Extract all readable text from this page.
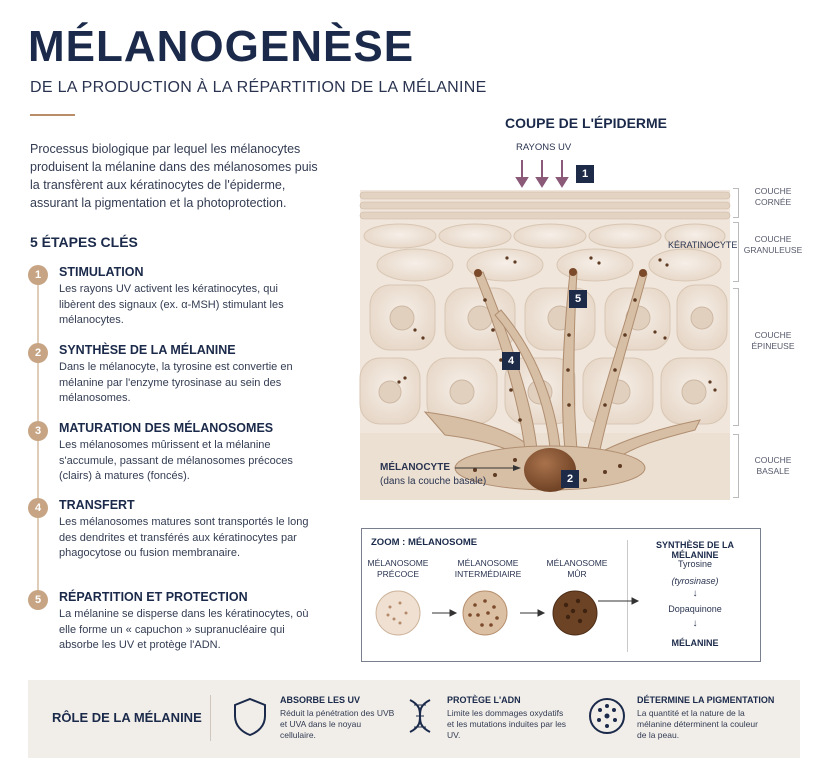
MÉLANOGENÈSE
DE LA PRODUCTION À LA RÉPARTITION DE LA MÉLANINE
Processus biologique par lequel les mélanocytes produisent la mélanine dans des mélanosomes puis la transfèrent aux kératinocytes de l'épiderme, assurant la pigmentation et la photoprotection.
5 ÉTAPES CLÉS
1	STIMULATION
Les rayons UV activent les kératinocytes, qui libèrent des signaux (ex. α-MSH) stimulant les mélanocytes.
2	SYNTHÈSE DE LA MÉLANINE
Dans le mélanocyte, la tyrosine est convertie en mélanine par l'enzyme tyrosinase au sein des mélanosomes.
3	MATURATION DES MÉLANOSOMES
Les mélanosomes mûrissent et la mélanine s'accumule, passant de mélanosomes précoces (clairs) à matures (foncés).
4	TRANSFERT
Les mélanosomes matures sont transportés le long des dendrites et transférés aux kératinocytes par phagocytose ou fusion membranaire.
5	RÉPARTITION ET PROTECTION
La mélanine se disperse dans les kératinocytes, où elle forme un « capuchon » supranucléaire qui absorbe les UV et protège l'ADN.
COUPE DE L'ÉPIDERME
RAYONS UV
1
2
4
5
KÉRATINOCYTE
MÉLANOCYTE
(dans la couche basale)
COUCHE CORNÉE
COUCHE GRANULEUSE
COUCHE ÉPINEUSE
COUCHE BASALE
ZOOM : MÉLANOSOME
MÉLANOSOME PRÉCOCE
MÉLANOSOME INTERMÉDIAIRE
MÉLANOSOME MÛR
SYNTHÈSE DE LA MÉLANINE
Tyrosine
(tyrosinase)
↓
Dopaquinone
↓
MÉLANINE
RÔLE DE LA MÉLANINE
ABSORBE LES UV
Réduit la pénétration des UVB et UVA dans le noyau cellulaire.
PROTÈGE L'ADN
Limite les dommages oxydatifs et les mutations induites par les UV.
DÉTERMINE LA PIGMENTATION
La quantité et la nature de la mélanine déterminent la couleur de la peau.
